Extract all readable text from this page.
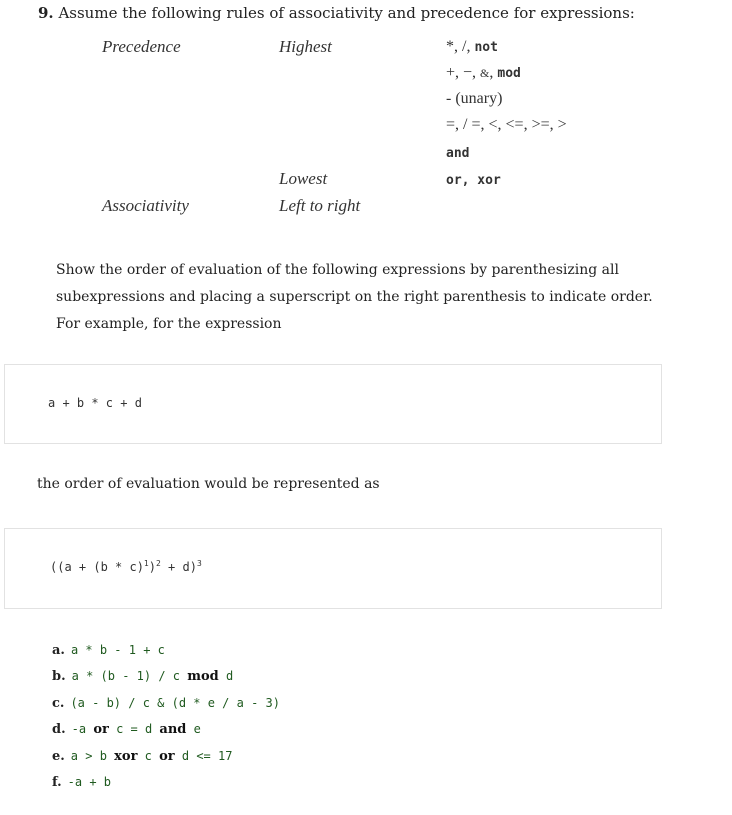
9. Assume the following rules of associativity and precedence for expressions:
Precedence	Highest	*, /, not
+, −, &, mod
- (unary)
=, / =, <, <=, >=, >
and
Lowest	or, xor
Associativity	Left to right
Show the order of evaluation of the following expressions by parenthesizing all subexpressions and placing a superscript on the right parenthesis to indicate order. For example, for the expression
a + b * c + d
the order of evaluation would be represented as
$((a + (b * c)^1)^2 + d)^3$
a. a * b - 1 + c
b. a * (b - 1) / c mod d
c. (a - b) / c & (d * e / a - 3)
d. -a or c = d and e
e. a > b xor c or d <= 17
f. -a + b
